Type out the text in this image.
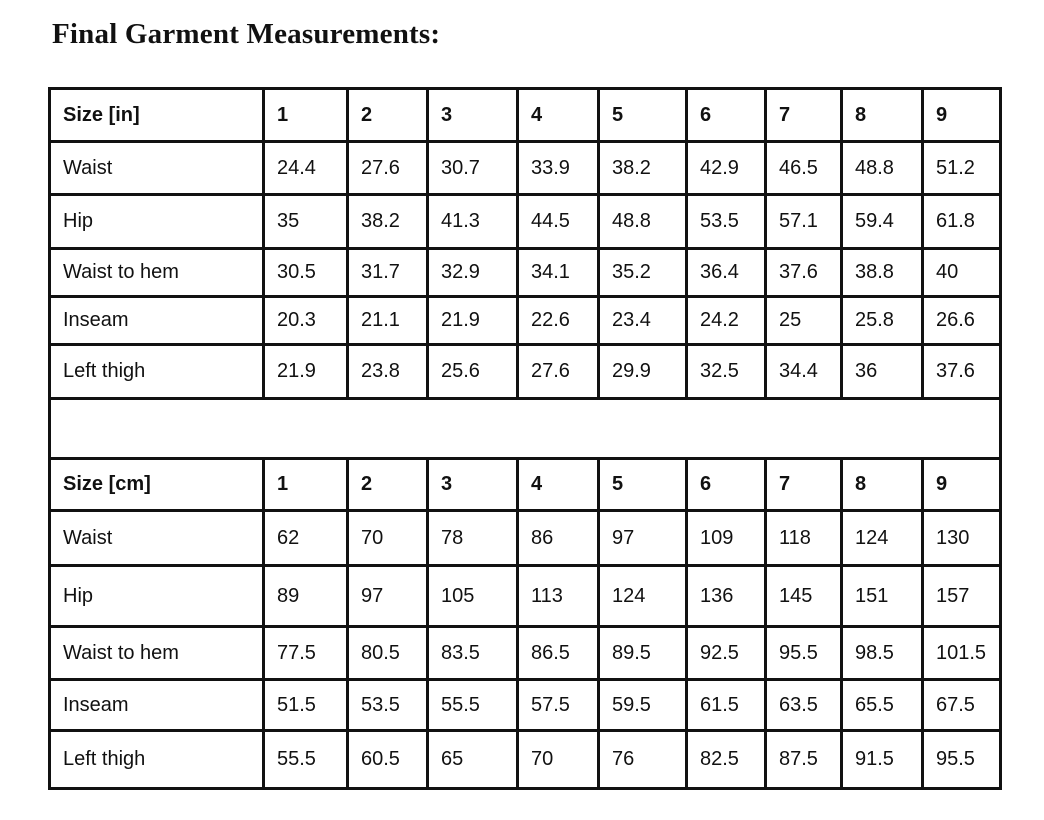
Final Garment Measurements:
Size [in]	1	2	3	4	5	6	7	8	9
Waist	24.4	27.6	30.7	33.9	38.2	42.9	46.5	48.8	51.2
Hip	35	38.2	41.3	44.5	48.8	53.5	57.1	59.4	61.8
Waist to hem	30.5	31.7	32.9	34.1	35.2	36.4	37.6	38.8	40
Inseam	20.3	21.1	21.9	22.6	23.4	24.2	25	25.8	26.6
Left thigh	21.9	23.8	25.6	27.6	29.9	32.5	34.4	36	37.6

Size [cm]	1	2	3	4	5	6	7	8	9
Waist	62	70	78	86	97	109	118	124	130
Hip	89	97	105	113	124	136	145	151	157
Waist to hem	77.5	80.5	83.5	86.5	89.5	92.5	95.5	98.5	101.5
Inseam	51.5	53.5	55.5	57.5	59.5	61.5	63.5	65.5	67.5
Left thigh	55.5	60.5	65	70	76	82.5	87.5	91.5	95.5
